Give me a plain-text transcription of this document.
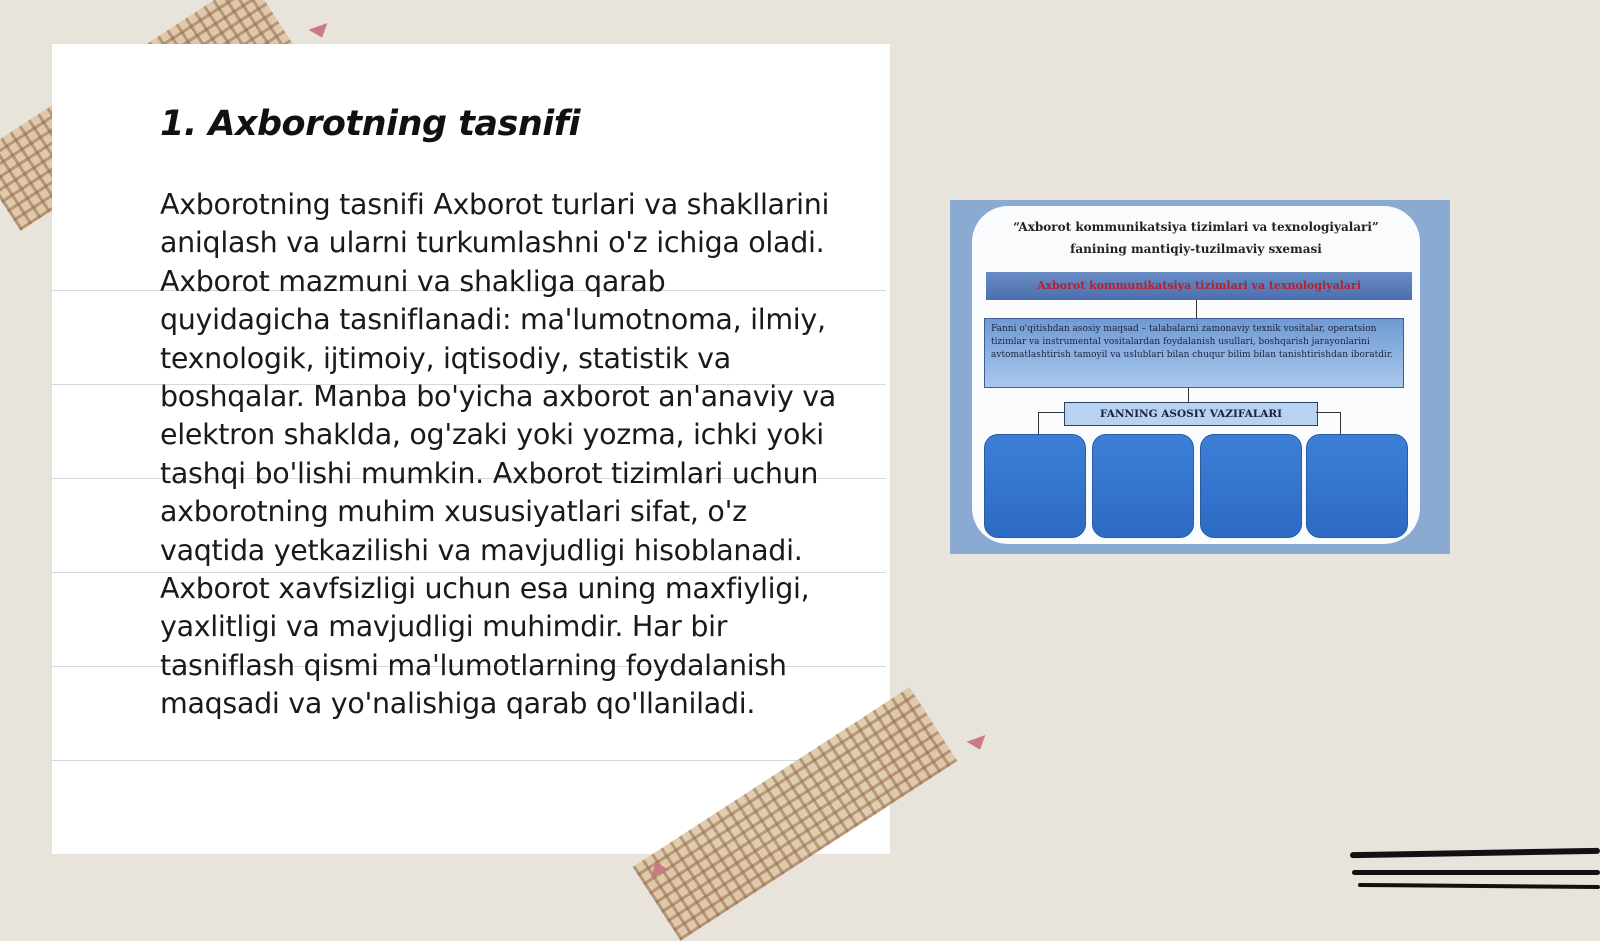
1. Axborotning tasnifi

Axborotning tasnifi Axborot turlari va shakllarini aniqlash va ularni turkumlashni o'z ichiga oladi. Axborot mazmuni va shakliga qarab quyidagicha tasniflanadi: ma'lumotnoma, ilmiy, texnologik, ijtimoiy, iqtisodiy, statistik va boshqalar. Manba bo'yicha axborot an'anaviy va elektron shaklda, og'zaki yoki yozma, ichki yoki tashqi bo'lishi mumkin. Axborot tizimlari uchun axborotning muhim xususiyatlari sifat, o'z vaqtida yetkazilishi va mavjudligi hisoblanadi. Axborot xavfsizligi uchun esa uning maxfiyligi, yaxlitligi va mavjudligi muhimdir. Har bir tasniflash qismi ma'lumotlarning foydalanish maqsadi va yo'nalishiga qarab qo'llaniladi.

“Axborot kommunikatsiya tizimlari va texnologiyalari”
fanining mantiqiy-tuzilmaviy sxemasi
Axborot kommunikatsiya tizimlari va texnologiyalari
Fanni o'qitishdan asosiy maqsad – talabalarni zamonaviy texnik vositalar, operatsion tizimlar va instrumental vositalardan foydalanish usullari, boshqarish jarayonlarini avtomatlashtirish tamoyil va uslublari bilan chuqur bilim bilan tanishtirishdan iboratdir.
FANNING ASOSIY VAZIFALARI
